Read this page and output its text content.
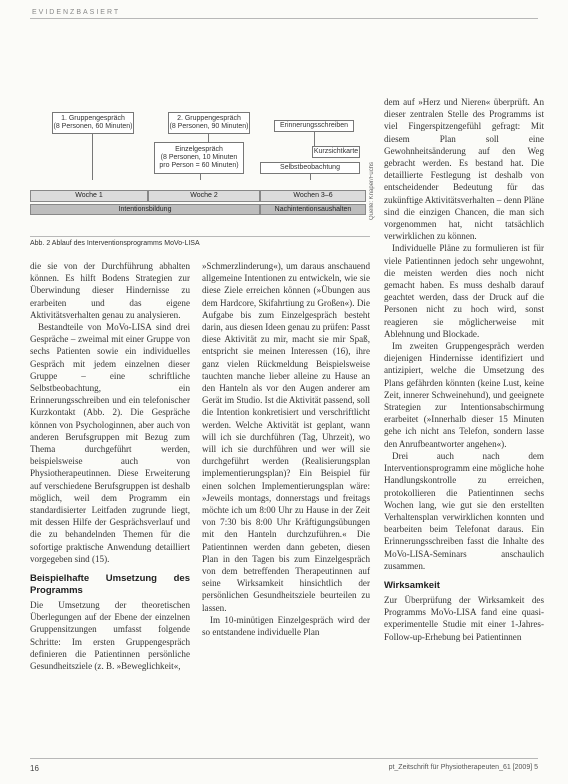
EVIDENZBASIERT
1. Gruppengespräch
(8 Personen, 60 Minuten)
2. Gruppengespräch
(8 Personen, 90 Minuten)	Erinnerungsschreiben
Einzelgespräch
(8 Personen, 10 Minuten
pro Person = 60 Minuten)
Kurzsichtkarte
Selbstbeobachtung
Woche 1	Woche 2	Wochen 3–6
Intentionsbildung	Nachintentionsaushalten	Quelle: Knaper/Fuchs
Abb. 2 Ablauf des Interventionsprogramms MoVo-LISA

die sie von der Durchführung abhalten können. Es hilft Bodens Strategien zur Überwindung dieser Hindernisse zu erarbeiten und das eigene Aktivitätsverhalten genau zu analysieren.

Bestandteile von MoVo-LISA sind drei Gespräche – zweimal mit einer Gruppe von sechs Patienten sowie ein individuelles Gespräch mit jedem einzelnen dieser Gruppe – eine schriftliche Selbstbeobachtung, ein Erinnerungsschreiben und ein telefonischer Kurzkontakt (Abb. 2). Die Gespräche können von Psychologinnen, aber auch von anderen Berufsgruppen mit Bezug zum Thema durchgeführt werden, beispielsweise auch von Physiotherapeutinnen. Diese Erweiterung auf verschiedene Berufsgruppen ist deshalb möglich, weil dem Programm ein standardisierter Leitfaden zugrunde liegt, mit dessen Hilfe der Gesprächsverlauf und die zu behandelnden Themen für die sofortige praktische Anwendung detailliert vorgegeben sind (15).

Beispielhafte Umsetzung des Programms

Die Umsetzung der theoretischen Überlegungen auf der Ebene der einzelnen Gruppensitzungen umfasst folgende Schritte: Im ersten Gruppengespräch definieren die Patientinnen persönliche Gesundheitsziele (z. B. »Beweglichkeit«,

»Schmerzlinderung«), um daraus anschauend allgemeine Intentionen zu entwickeln, wie sie diese Ziele erreichen können (»Übungen aus dem Hardcore, Skifahrtiung zu Großen«). Die Aufgabe bis zum Einzelgespräch besteht darin, aus diesen Ideen genau zu prüfen: Passt diese Aktivität zu mir, macht sie mir Spaß, entspricht sie meinen Interessen (16), ihre ganz vielen Rückmeldung Beispielsweise tauchten manche lieber alleine zu Hause an den Hanteln als vor den Augen anderer am Gerät im Studio. Ist die Aktivität passend, soll die Intention konkretisiert und verschriftlicht werden. Welche Aktivität ist geplant, wann will ich sie durchführen (Tag, Uhrzeit), wo will ich sie durchführen und wer will sie durchgeführt werden (Realisierungsplan implementierungsplan)? Ein Beispiel für einen solchen Implementierungsplan wäre: »Jeweils montags, donnerstags und freitags möchte ich um 8:00 Uhr zu Hause in der Zeit von 7:30 bis 8:00 Uhr Kräftigungsübungen mit den Hanteln durchzuführen.« Die Patientinnen werden dann gebeten, diesen Plan in den Tagen bis zum Einzelgespräch von dem betreffenden Therapeutinnen auf seine Wirksamkeit hinsichtlich der persönlichen Gesundheitsziele beurteilen zu lassen.

Im 10-minütigen Einzelgespräch wird der so entstandene individuelle Plan

dem auf »Herz und Nieren« überprüft. An dieser zentralen Stelle des Programms ist viel Fingerspitzengefühl gefragt: Mit diesem Plan soll eine Gewohnheitsänderung auf den Weg gebracht werden. Es bestand hat. Die detaillierte Festlegung ist deshalb von entscheidender Bedeutung für das zukünftige Aktivitätsverhalten – denn Pläne sind die einzigen Chancen, die man sich vorgenommen hat, nicht tatsächlich verwirklichen zu können.

Individuelle Pläne zu formulieren ist für viele Patientinnen jedoch sehr ungewohnt, die meisten werden dies noch nicht gemacht haben. Es muss deshalb darauf geachtet werden, dass der Druck auf die Personen nicht zu hoch wird, sonst reagieren sie möglicherweise mit Ablehnung und Blockade.

Im zweiten Gruppengespräch werden diejenigen Hindernisse identifiziert und antizipiert, welche die Umsetzung des Plans gefährden könnten (keine Lust, keine Zeit, innerer Schweinehund), und geeignete Strategien zur Intentionsabschirmung erarbeitet (»Innerhalb dieser 15 Minuten gehe ich nicht ans Telefon, sondern lasse den Anrufbeantworter angehen«).

Drei auch nach dem Interventionsprogramm eine mögliche hohe Handlungskontrolle zu erreichen, protokollieren die Patientinnen sechs Wochen lang, wie gut sie den erstellten Verhaltensplan verwirklichen konnten und bearbeiten beim Telefonat daraus. Ein Erinnerungsschreiben fasst die Inhalte des MoVo-LISA-Seminars anschaulich zusammen.

Wirksamkeit

Zur Überprüfung der Wirksamkeit des Programms MoVo-LISA fand eine quasi-experimentelle Studie mit einer 1-Jahres-Follow-up-Erhebung bei Patientinnen

16	pt_Zeitschrift für Physiotherapeuten_61 [2009] 5
